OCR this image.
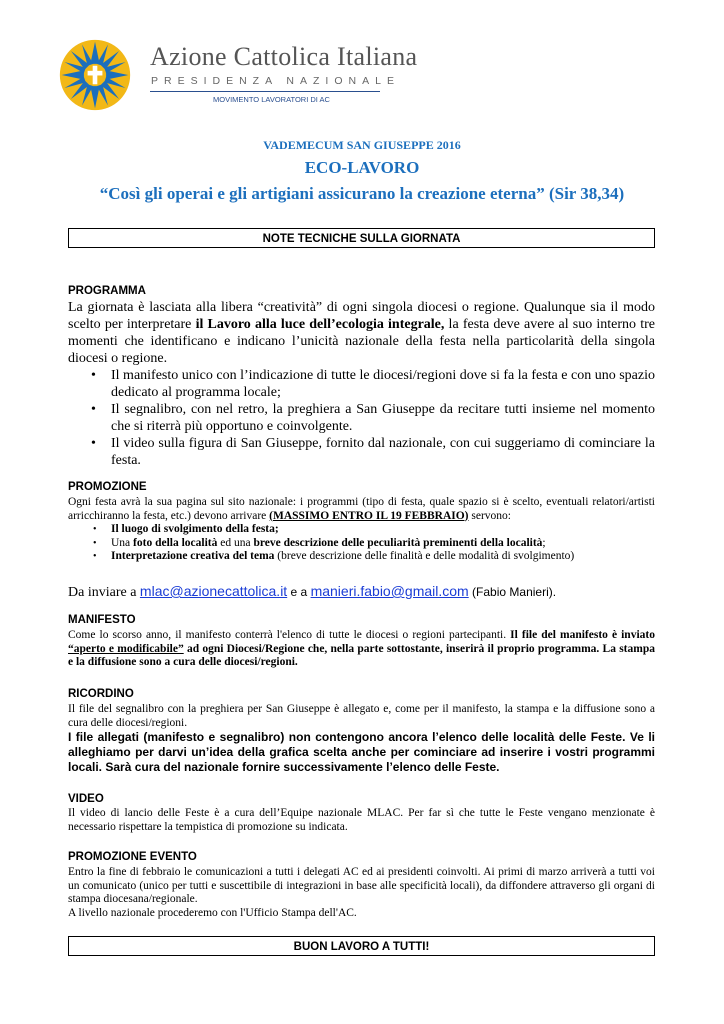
Azione Cattolica Italiana
PRESIDENZA NAZIONALE
MOVIMENTO LAVORATORI DI AC
VADEMECUM SAN GIUSEPPE 2016
ECO-LAVORO
“Così gli operai e gli artigiani assicurano la creazione eterna” (Sir 38,34)
NOTE TECNICHE SULLA GIORNATA
PROGRAMMA
La giornata è lasciata alla libera “creatività” di ogni singola diocesi o regione. Qualunque sia il modo scelto per interpretare il Lavoro alla luce dell’ecologia integrale, la festa deve avere al suo interno tre momenti che identificano e indicano l’unicità nazionale della festa nella particolarità della singola diocesi o regione.
• Il manifesto unico con l’indicazione di tutte le diocesi/regioni dove si fa la festa e con uno spazio dedicato al programma locale;
• Il segnalibro, con nel retro, la preghiera a San Giuseppe da recitare tutti insieme nel momento che si riterrà più opportuno e coinvolgente.
• Il video sulla figura di San Giuseppe, fornito dal nazionale, con cui suggeriamo di cominciare la festa.
PROMOZIONE
Ogni festa avrà la sua pagina sul sito nazionale: i programmi (tipo di festa, quale spazio si è scelto, eventuali relatori/artisti arricchiranno la festa, etc.) devono arrivare (MASSIMO ENTRO IL 19 FEBBRAIO) servono:
• Il luogo di svolgimento della festa;
• Una foto della località ed una breve descrizione delle peculiarità preminenti della località;
• Interpretazione creativa del tema (breve descrizione delle finalità e delle modalità di svolgimento)
Da inviare a mlac@azionecattolica.it e a manieri.fabio@gmail.com (Fabio Manieri).
MANIFESTO
Come lo scorso anno, il manifesto conterrà l'elenco di tutte le diocesi o regioni partecipanti. Il file del manifesto è inviato “aperto e modificabile” ad ogni Diocesi/Regione che, nella parte sottostante, inserirà il proprio programma. La stampa e la diffusione sono a cura delle diocesi/regioni.
RICORDINO
Il file del segnalibro con la preghiera per San Giuseppe è allegato e, come per il manifesto, la stampa e la diffusione sono a cura delle diocesi/regioni.
I file allegati (manifesto e segnalibro) non contengono ancora l’elenco delle località delle Feste. Ve li alleghiamo per darvi un’idea della grafica scelta anche per cominciare ad inserire i vostri programmi locali. Sarà cura del nazionale fornire successivamente l’elenco delle Feste.
VIDEO
Il video di lancio delle Feste è a cura dell’Equipe nazionale MLAC. Per far sì che tutte le Feste vengano menzionate è necessario rispettare la tempistica di promozione su indicata.
PROMOZIONE EVENTO
Entro la fine di febbraio le comunicazioni a tutti i delegati AC ed ai presidenti coinvolti. Ai primi di marzo arriverà a tutti voi un comunicato (unico per tutti e suscettibile di integrazioni in base alle specificità locali), da diffondere attraverso gli organi di stampa diocesana/regionale.
A livello nazionale procederemo con l'Ufficio Stampa dell'AC.
BUON LAVORO A TUTTI!
